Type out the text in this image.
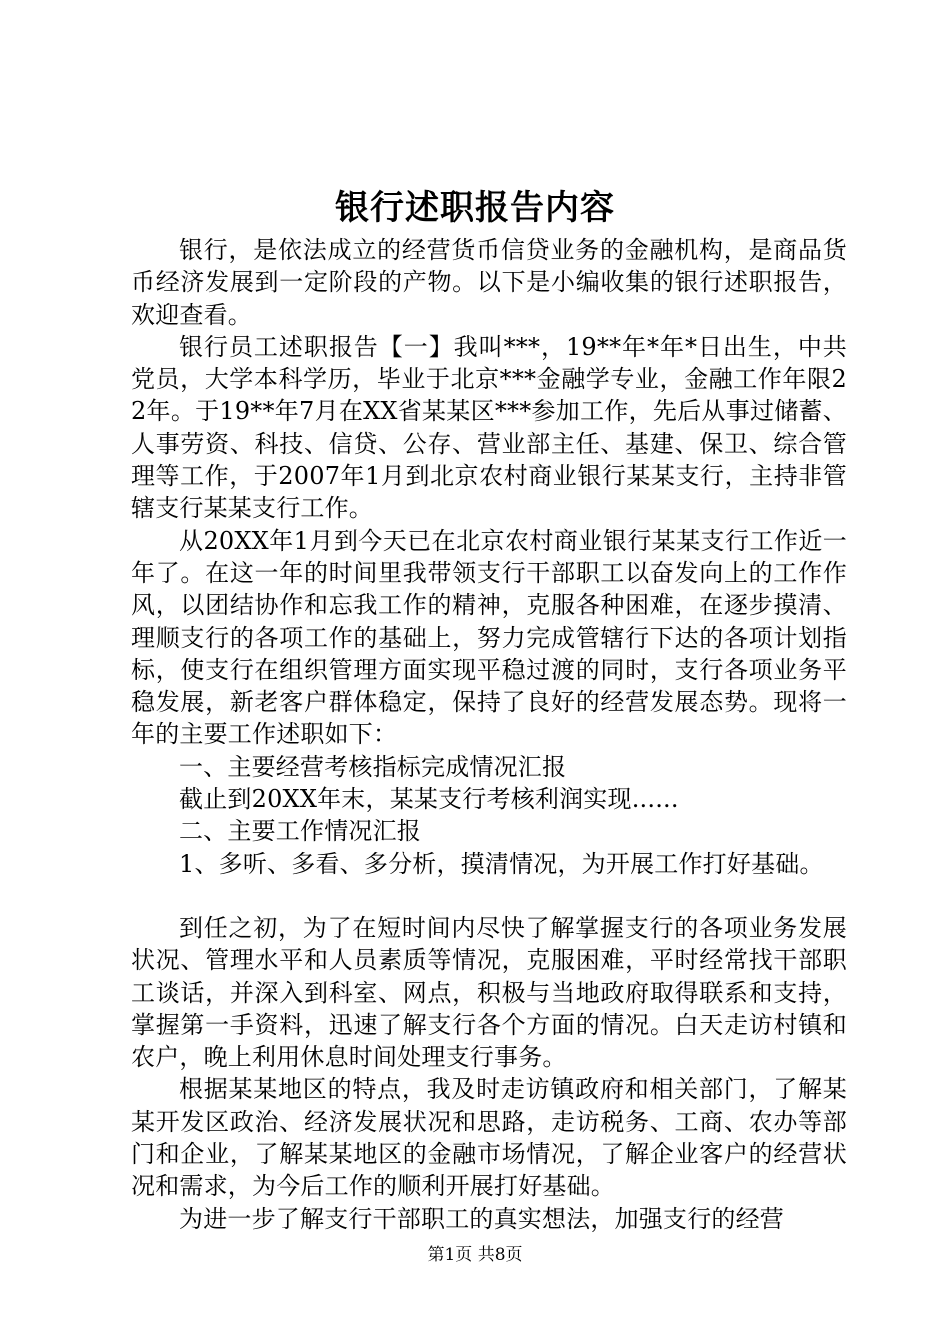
银行述职报告内容

银行，是依法成立的经营货币信贷业务的金融机构，是商品货币经济发展到一定阶段的产物。以下是小编收集的银行述职报告，欢迎查看。

银行员工述职报告【一】我叫***，19**年*年*日出生，中共党员，大学本科学历，毕业于北京***金融学专业，金融工作年限22年。于19**年7月在XX省某某区***参加工作，先后从事过储蓄、人事劳资、科技、信贷、公存、营业部主任、基建、保卫、综合管理等工作，于2007年1月到北京农村商业银行某某支行，主持非管辖支行某某支行工作。

从20XX年1月到今天已在北京农村商业银行某某支行工作近一年了。在这一年的时间里我带领支行干部职工以奋发向上的工作作风，以团结协作和忘我工作的精神，克服各种困难，在逐步摸清、理顺支行的各项工作的基础上，努力完成管辖行下达的各项计划指标，使支行在组织管理方面实现平稳过渡的同时，支行各项业务平稳发展，新老客户群体稳定，保持了良好的经营发展态势。现将一年的主要工作述职如下：

一、主要经营考核指标完成情况汇报

截止到20XX年末，某某支行考核利润实现......

二、主要工作情况汇报

1、多听、多看、多分析，摸清情况，为开展工作打好基础。

到任之初，为了在短时间内尽快了解掌握支行的各项业务发展状况、管理水平和人员素质等情况，克服困难，平时经常找干部职工谈话，并深入到科室、网点，积极与当地政府取得联系和支持，掌握第一手资料，迅速了解支行各个方面的情况。白天走访村镇和农户，晚上利用休息时间处理支行事务。

根据某某地区的特点，我及时走访镇政府和相关部门，了解某某开发区政治、经济发展状况和思路，走访税务、工商、农办等部门和企业，了解某某地区的金融市场情况，了解企业客户的经营状况和需求，为今后工作的顺利开展打好基础。

为进一步了解支行干部职工的真实想法，加强支行的经营

第1页 共8页
